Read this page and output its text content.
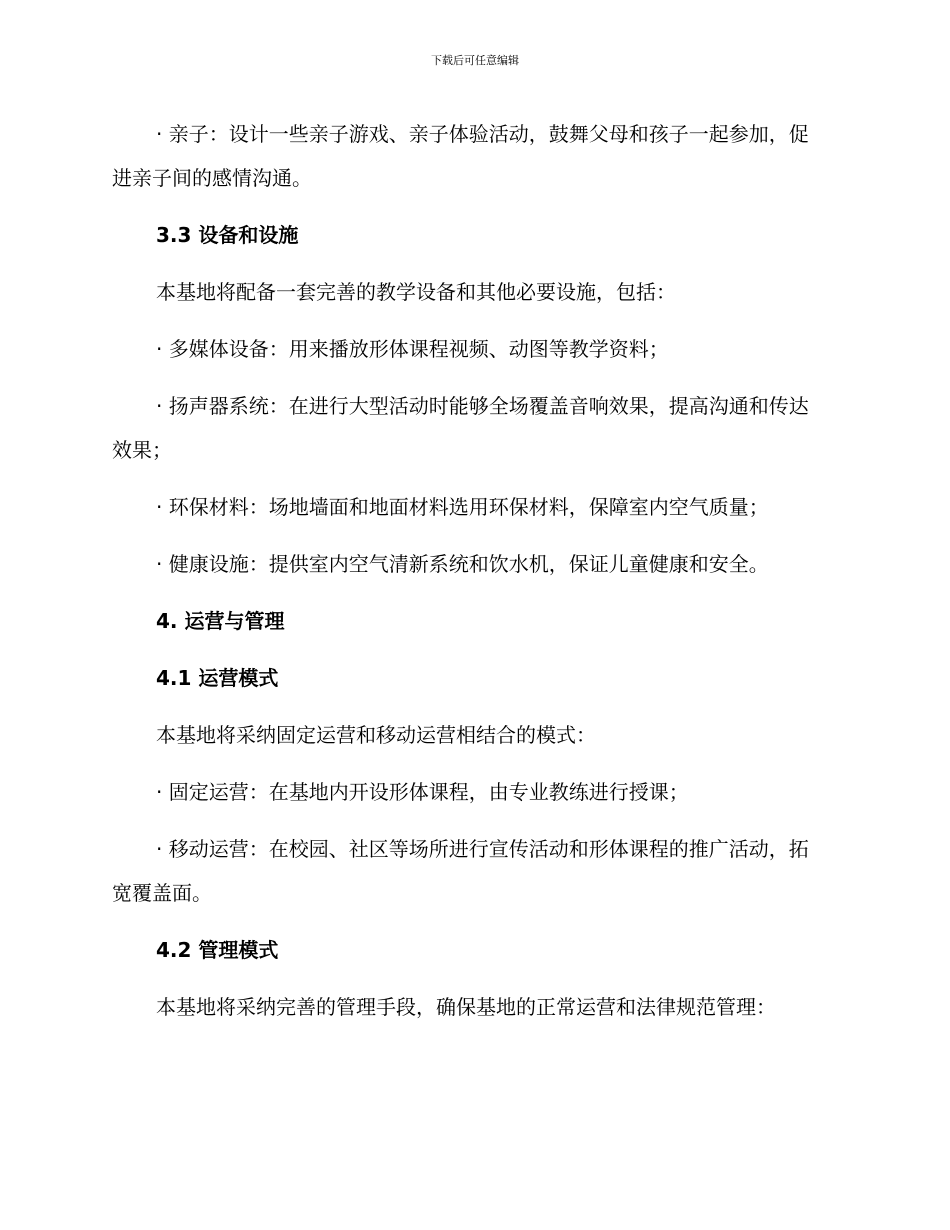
下载后可任意编辑

· 亲子：设计一些亲子游戏、亲子体验活动，鼓舞父母和孩子一起参加，促进亲子间的感情沟通。

3.3 设备和设施

本基地将配备一套完善的教学设备和其他必要设施，包括：

· 多媒体设备：用来播放形体课程视频、动图等教学资料；

· 扬声器系统：在进行大型活动时能够全场覆盖音响效果，提高沟通和传达效果；

· 环保材料：场地墙面和地面材料选用环保材料，保障室内空气质量；

· 健康设施：提供室内空气清新系统和饮水机，保证儿童健康和安全。

4. 运营与管理
4.1 运营模式

本基地将采纳固定运营和移动运营相结合的模式：

· 固定运营：在基地内开设形体课程，由专业教练进行授课；

· 移动运营：在校园、社区等场所进行宣传活动和形体课程的推广活动，拓宽覆盖面。

4.2 管理模式

本基地将采纳完善的管理手段，确保基地的正常运营和法律规范管理：
